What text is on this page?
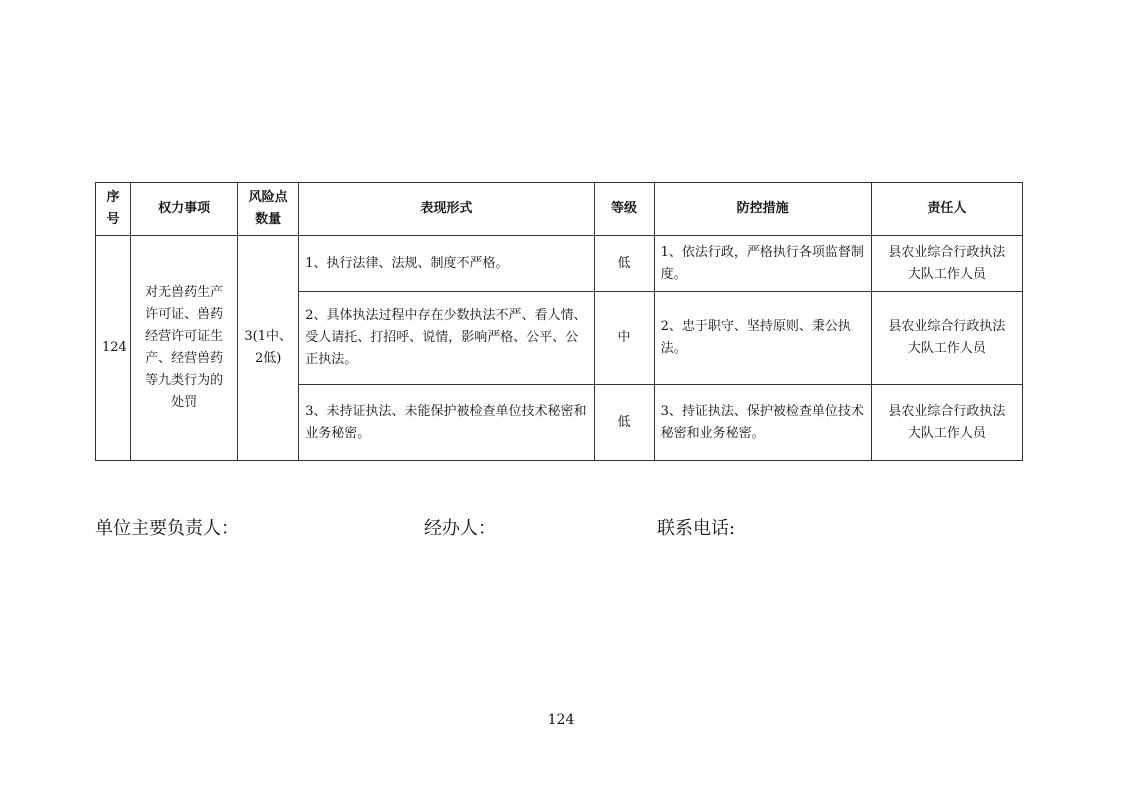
序号	权力事项	风险点数量	表现形式	等级	防控措施	责任人
124	对无兽药生产许可证、兽药经营许可证生产、经营兽药等九类行为的处罚	3(1中、2低)	1、执行法律、法规、制度不严格。	低	1、依法行政，严格执行各项监督制度。	县农业综合行政执法大队工作人员
			2、具体执法过程中存在少数执法不严、看人情、受人请托、打招呼、说情，影响严格、公平、公正执法。	中	2、忠于职守、坚持原则、秉公执法。	县农业综合行政执法大队工作人员
			3、未持证执法、未能保护被检查单位技术秘密和业务秘密。	低	3、持证执法、保护被检查单位技术秘密和业务秘密。	县农业综合行政执法大队工作人员
单位主要负责人：	经办人：	联系电话:
124
